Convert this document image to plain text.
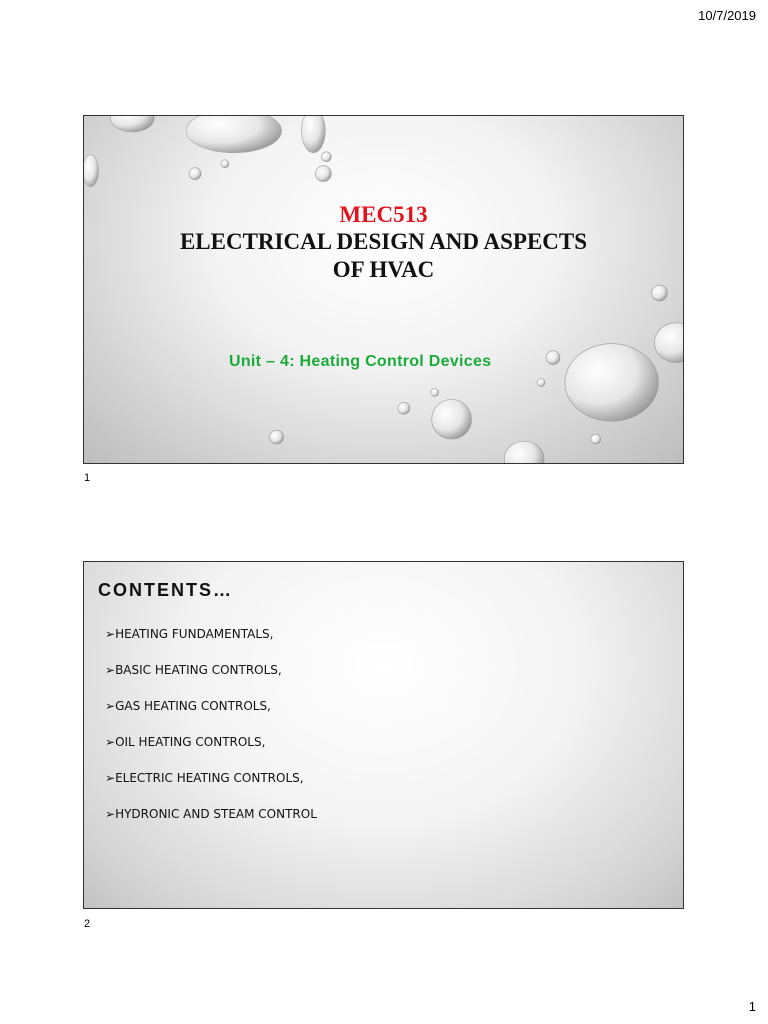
10/7/2019
MEC513
ELECTRICAL DESIGN AND ASPECTS
OF HVAC
Unit – 4: Heating Control Devices
1
CONTENTS…
➢HEATING FUNDAMENTALS,
➢BASIC HEATING CONTROLS,
➢GAS HEATING CONTROLS,
➢OIL HEATING CONTROLS,
➢ELECTRIC HEATING CONTROLS,
➢HYDRONIC AND STEAM CONTROL
2
1
